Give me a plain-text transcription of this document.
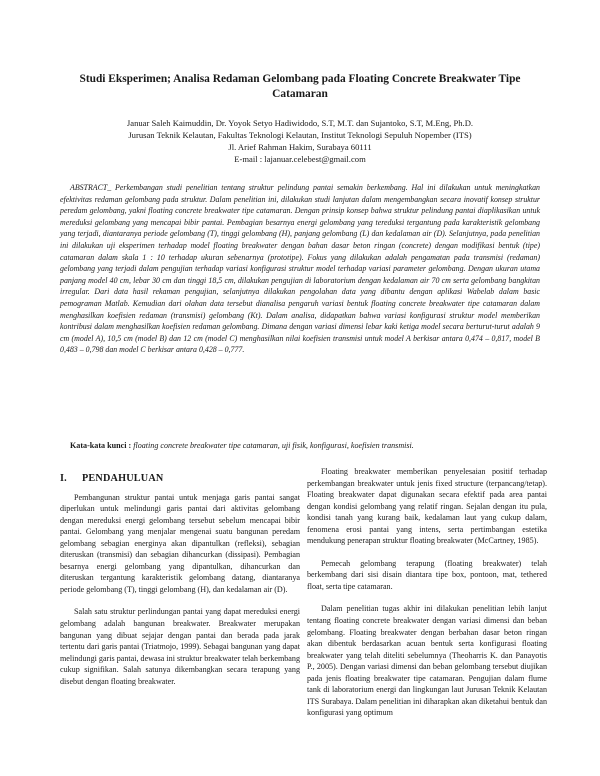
Studi Eksperimen; Analisa Redaman Gelombang pada Floating Concrete Breakwater Tipe Catamaran
Januar Saleh Kaimuddin, Dr. Yoyok Setyo Hadiwidodo, S.T, M.T. dan Sujantoko, S.T, M.Eng, Ph.D.
Jurusan Teknik Kelautan, Fakultas Teknologi Kelautan, Institut Teknologi Sepuluh Nopember (ITS)
Jl. Arief Rahman Hakim, Surabaya 60111
E-mail : lajanuar.celebest@gmail.com
ABSTRACT_ Perkembangan studi penelitian tentang struktur pelindung pantai semakin berkembang. Hal ini dilakukan untuk meningkatkan efektivitas redaman gelombang pada struktur. Dalam penelitian ini, dilakukan studi lanjutan dalam mengembangkan secara inovatif konsep struktur peredam gelombang, yakni floating concrete breakwater tipe catamaran. Dengan prinsip konsep bahwa struktur pelindung pantai diaplikasikan untuk mereduksi gelombang yang mencapai bibir pantai. Pembagian besarnya energi gelombang yang tereduksi tergantung pada karakteristik gelombang yang terjadi, diantaranya periode gelombang (T), tinggi gelombang (H), panjang gelombang (L) dan kedalaman air (D). Selanjutnya, pada penelitian ini dilakukan uji eksperimen terhadap model floating breakwater dengan bahan dasar beton ringan (concrete) dengan modifikasi bentuk (tipe) catamaran dalam skala 1 : 10 terhadap ukuran sebenarnya (prototipe). Fokus yang dilakukan adalah pengamatan pada transmisi (redaman) gelombang yang terjadi dalam pengujian terhadap variasi konfigurasi struktur model terhadap variasi parameter gelombang. Dengan ukuran utama panjang model 40 cm, lebar 30 cm dan tinggi 18,5 cm, dilakukan pengujian di laboratorium dengan kedalaman air 70 cm serta gelombang bangkitan irregular. Dari data hasil rekaman pengujian, selanjutnya dilakukan pengolahan data yang dibantu dengan aplikasi Wabelab dalam basic pemograman Matlab. Kemudian dari olahan data tersebut dianalisa pengaruh variasi bentuk floating concrete breakwater tipe catamaran dalam menghasilkan koefisien redaman (transmisi) gelombang (Kt). Dalam analisa, didapatkan bahwa variasi konfigurasi struktur model memberikan kontribusi dalam menghasilkan koefisien redaman gelombang. Dimana dengan variasi dimensi lebar kaki ketiga model secara berturut-turut adalah 9 cm (model A), 10,5 cm (model B) dan 12 cm (model C) menghasilkan nilai koefisien transmisi untuk model A berkisar antara 0,474 – 0,817, model B 0,483 – 0,798 dan model C berkisar antara 0,428 – 0,777.
Kata-kata kunci : floating concrete breakwater tipe catamaran, uji fisik, konfigurasi, koefisien transmisi.
I. PENDAHULUAN

Pembangunan struktur pantai untuk menjaga garis pantai sangat diperlukan untuk melindungi garis pantai dari aktivitas gelombang dengan mereduksi energi gelombang tersebut sebelum mencapai bibir pantai. Gelombang yang menjalar mengenai suatu bangunan peredam gelombang sebagian energinya akan dipantulkan (refleksi), sebagian diteruskan (transmisi) dan sebagian dihancurkan (dissipasi). Pembagian besarnya energi gelombang yang dipantulkan, dihancurkan dan diteruskan tergantung karakteristik gelombang datang, diantaranya periode gelombang (T), tinggi gelombang (H), dan kedalaman air (D).

Salah satu struktur perlindungan pantai yang dapat mereduksi energi gelombang adalah bangunan breakwater. Breakwater merupakan bangunan yang dibuat sejajar dengan pantai dan berada pada jarak tertentu dari garis pantai (Triatmojo, 1999). Sebagai bangunan yang dapat melindungi garis pantai, dewasa ini struktur breakwater telah berkembang cukup signifikan. Salah satunya dikembangkan secara terapung yang disebut dengan floating breakwater.

Floating breakwater memberikan penyelesaian positif terhadap perkembangan breakwater untuk jenis fixed structure (terpancang/tetap). Floating breakwater dapat digunakan secara efektif pada area pantai dengan kondisi gelombang yang relatif ringan. Sejalan dengan itu pula, kondisi tanah yang kurang baik, kedalaman laut yang cukup dalam, fenomena erosi pantai yang intens, serta pertimbangan estetika mendukung penerapan struktur floating breakwater (McCartney, 1985).

Pemecah gelombang terapung (floating breakwater) telah berkembang dari sisi disain diantara tipe box, pontoon, mat, tethered float, serta tipe catamaran.

Dalam penelitian tugas akhir ini dilakukan penelitian lebih lanjut tentang floating concrete breakwater dengan variasi dimensi dan beban gelombang. Floating breakwater dengan berbahan dasar beton ringan akan dibentuk berdasarkan acuan bentuk serta konfigurasi floating breakwater yang telah diteliti sebelumnya (Theoharris K. dan Panayotis P., 2005). Dengan variasi dimensi dan beban gelombang tersebut diujikan pada jenis floating breakwater tipe catamaran. Pengujian dalam flume tank di laboratorium energi dan lingkungan laut Jurusan Teknik Kelautan ITS Surabaya. Dalam penelitian ini diharapkan akan diketahui bentuk dan konfigurasi yang optimum
